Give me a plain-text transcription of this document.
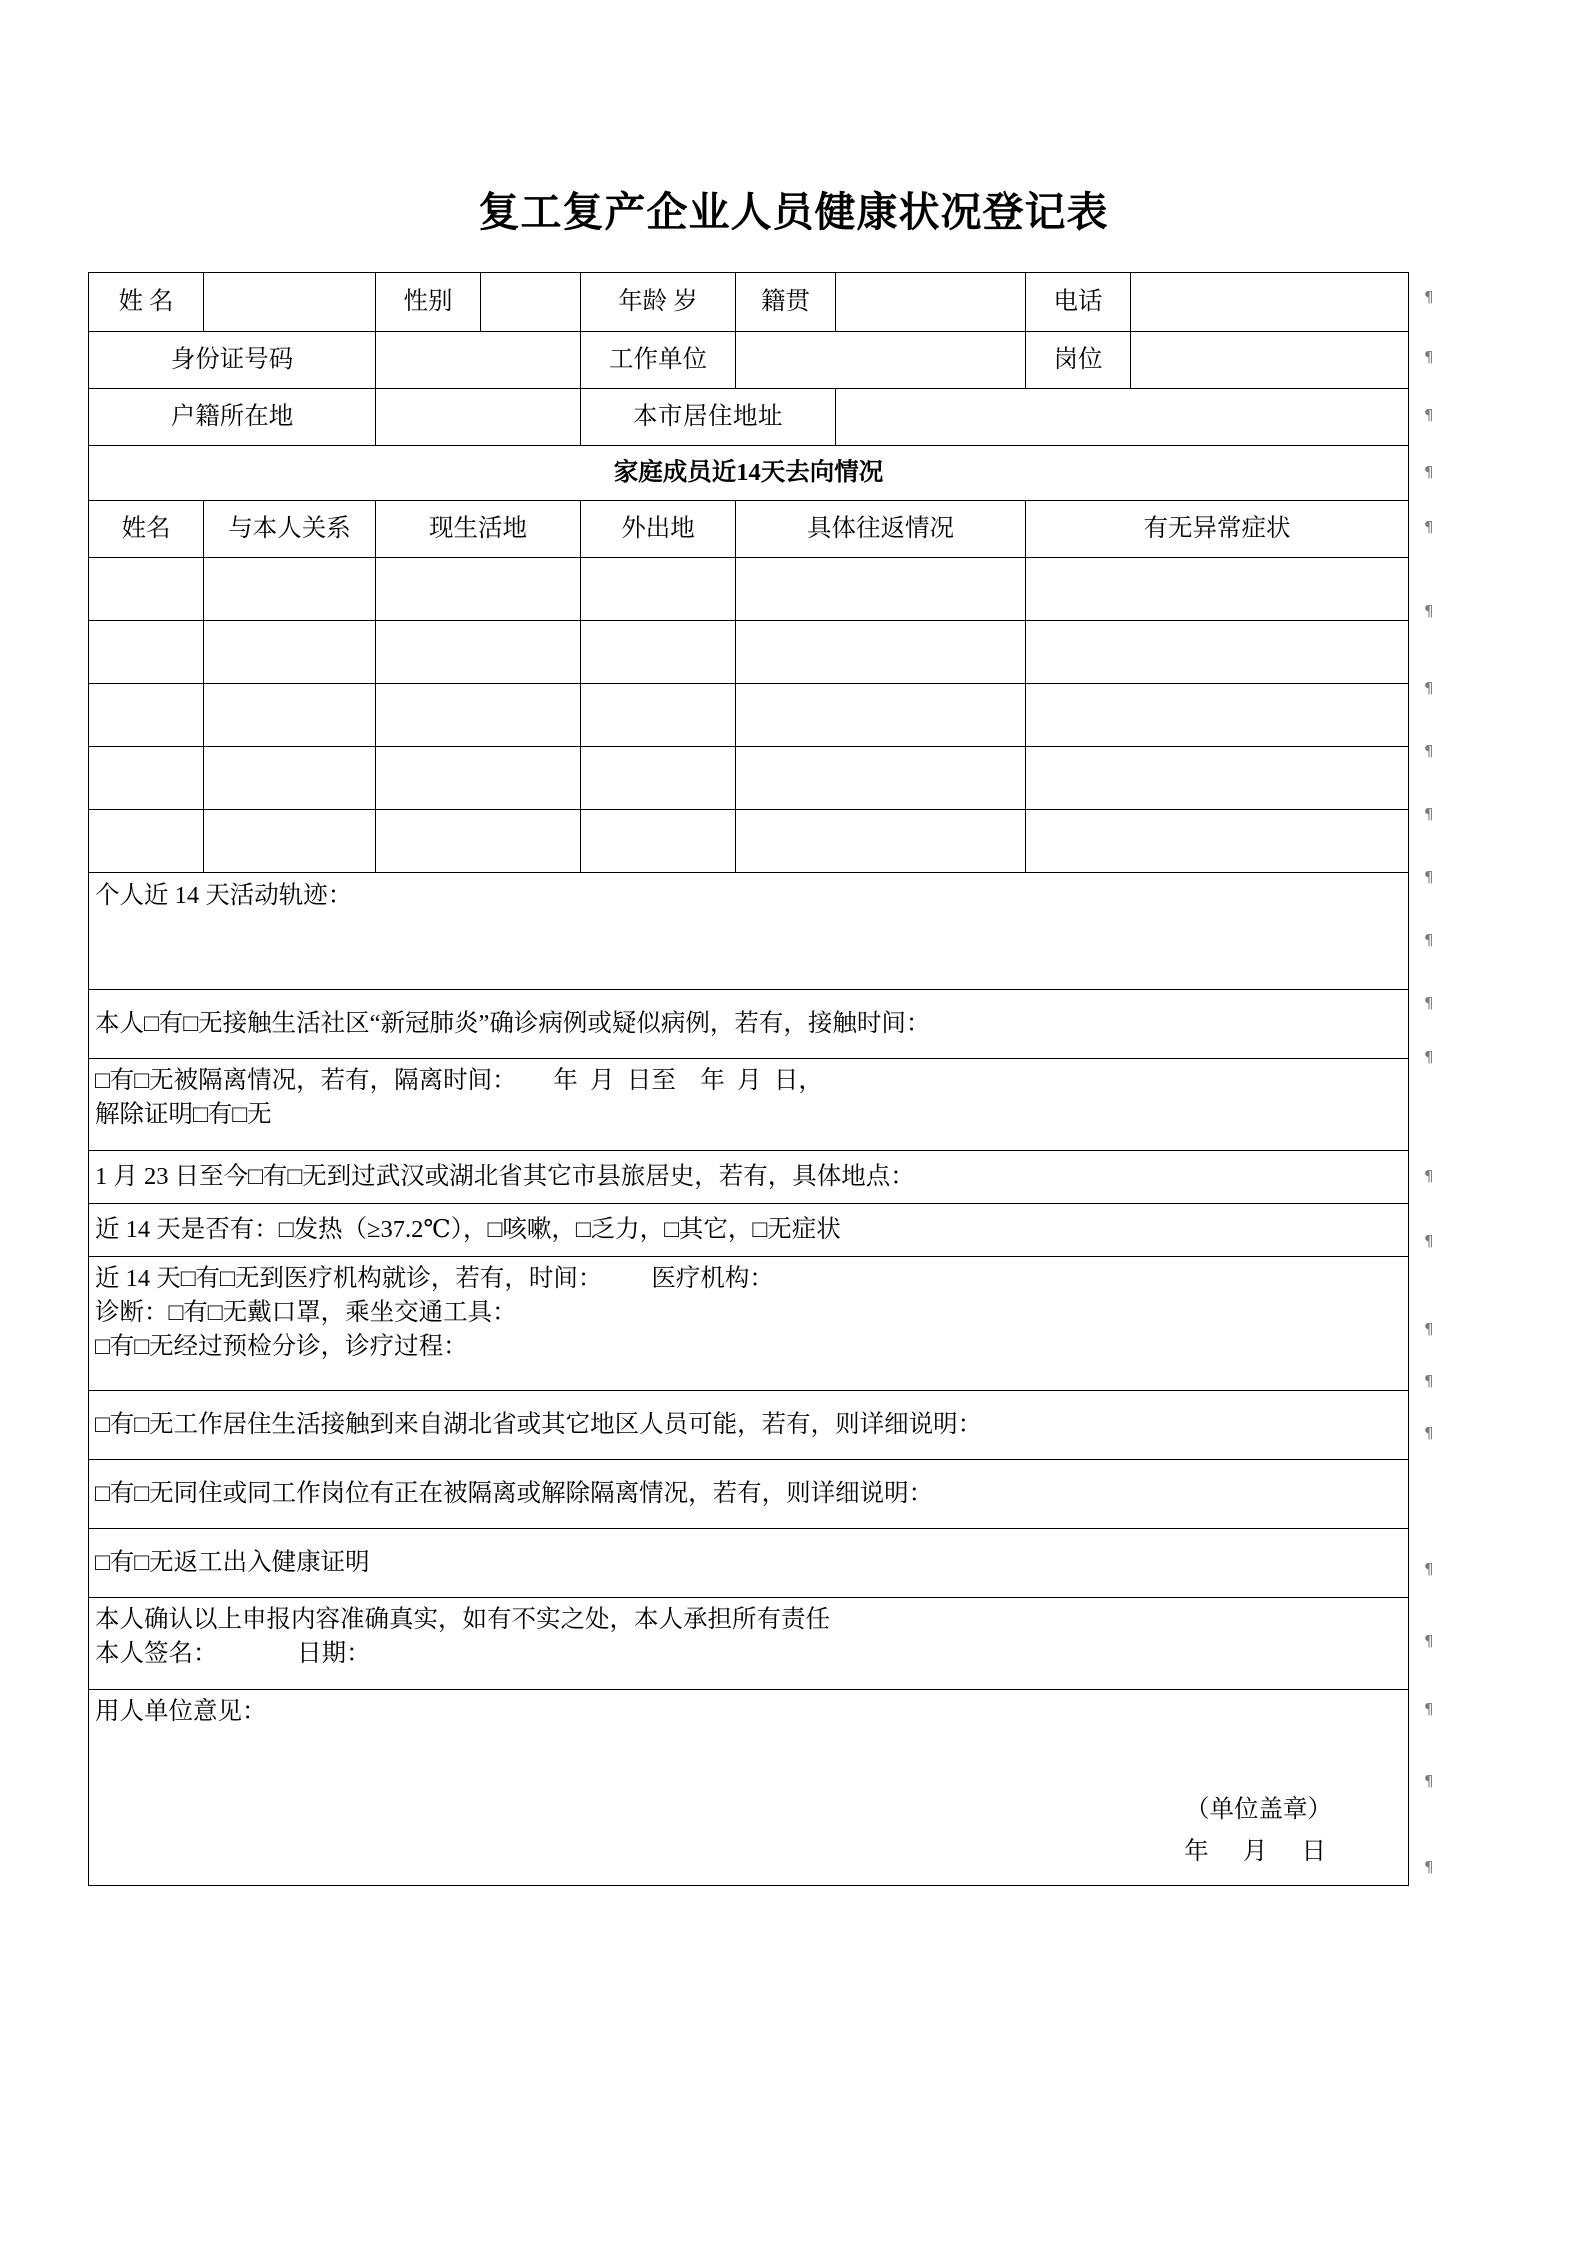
复工复产企业人员健康状况登记表
姓 名		性别		年龄 岁	籍贯		电话	
身份证号码				工作单位			岗位	
户籍所在地				本市居住地址				
家庭成员近14天去向情况								
姓名	与本人关系	现生活地		外出地	具体往返情况		有无异常症状	

个人近 14 天活动轨迹：								
本人□有□无接触生活社区“新冠肺炎”确诊病例或疑似病例，若有，接触时间：								

□有□无被隔离情况，若有，隔离时间：      年  月  日至    年  月  日，

解除证明□有□无								

1 月 23 日至今□有□无到过武汉或湖北省其它市县旅居史，若有，具体地点：								
近 14 天是否有：□发热（≥37.2℃），□咳嗽，□乏力，□其它，□无症状								

近 14 天□有□无到医疗机构就诊，若有，时间：        医疗机构：

诊断：□有□无戴口罩，乘坐交通工具：

□有□无经过预检分诊，诊疗过程：								

□有□无工作居住生活接触到来自湖北省或其它地区人员可能，若有，则详细说明：								
□有□无同住或同工作岗位有正在被隔离或解除隔离情况，若有，则详细说明：								
□有□无返工出入健康证明								

本人确认以上申报内容准确真实，如有不实之处，本人承担所有责任

本人签名：             日期：								

用人单位意见：

（单位盖章）
年 月 日								
¶
¶
¶
¶
¶
¶
¶
¶
¶
¶
¶
¶
¶
¶
¶
¶
¶
¶
¶
¶
¶
¶
¶
